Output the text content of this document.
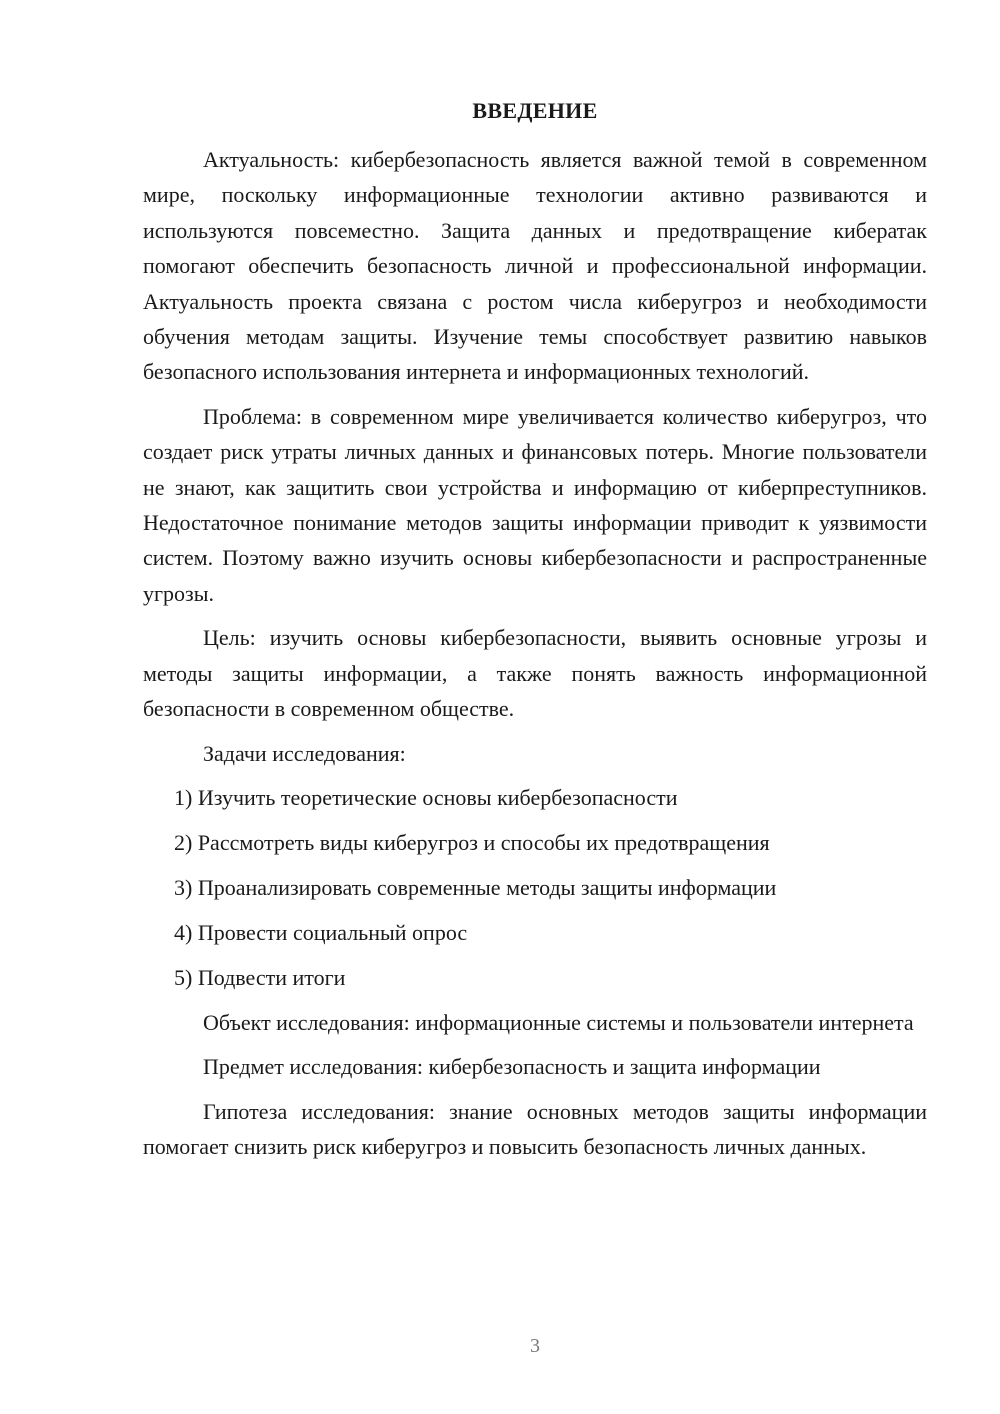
ВВЕДЕНИЕ

Актуальность: кибербезопасность является важной темой в современном мире, поскольку информационные технологии активно развиваются и используются повсеместно. Защита данных и предотвращение кибератак помогают обеспечить безопасность личной и профессиональной информации. Актуальность проекта связана с ростом числа киберугроз и необходимости обучения методам защиты. Изучение темы способствует развитию навыков безопасного использования интернета и информационных технологий.

Проблема: в современном мире увеличивается количество киберугроз, что создает риск утраты личных данных и финансовых потерь. Многие пользователи не знают, как защитить свои устройства и информацию от киберпреступников. Недостаточное понимание методов защиты информации приводит к уязвимости систем. Поэтому важно изучить основы кибербезопасности и распространенные угрозы.

Цель: изучить основы кибербезопасности, выявить основные угрозы и методы защиты информации, а также понять важность информационной безопасности в современном обществе.

Задачи исследования:

1) Изучить теоретические основы кибербезопасности
2) Рассмотреть виды киберугроз и способы их предотвращения
3) Проанализировать современные методы защиты информации
4) Провести социальный опрос
5) Подвести итоги

Объект исследования: информационные системы и пользователи интернета

Предмет исследования: кибербезопасность и защита информации

Гипотеза исследования: знание основных методов защиты информации помогает снизить риск киберугроз и повысить безопасность личных данных.

3
